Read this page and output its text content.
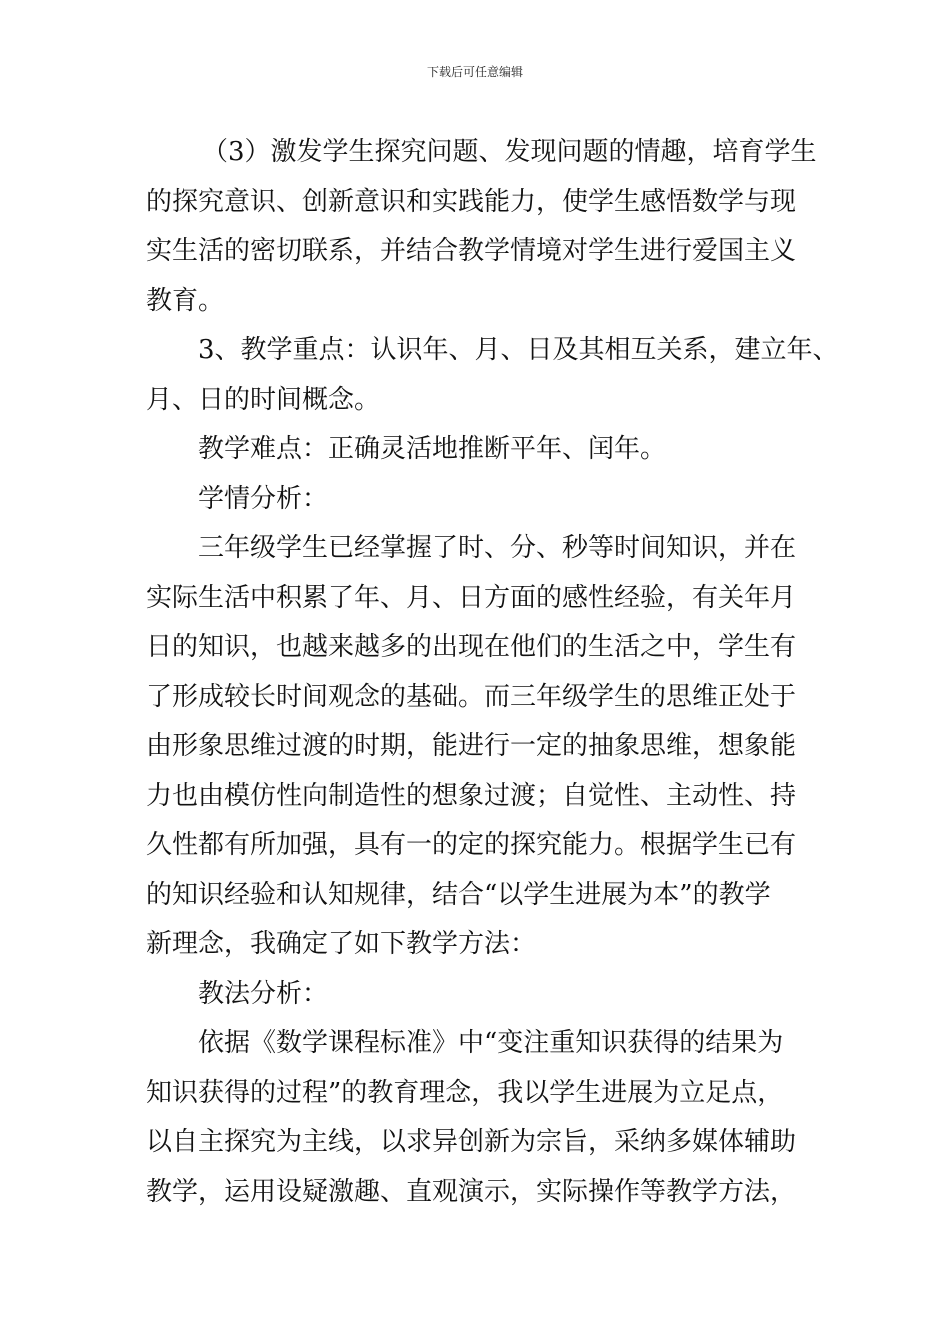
下载后可任意编辑

（3）激发学生探究问题、发现问题的情趣，培育学生
的探究意识、创新意识和实践能力，使学生感悟数学与现
实生活的密切联系，并结合教学情境对学生进行爱国主义
教育。

3、教学重点：认识年、月、日及其相互关系，建立年、
月、日的时间概念。

教学难点：正确灵活地推断平年、闰年。

学情分析：

三年级学生已经掌握了时、分、秒等时间知识，并在
实际生活中积累了年、月、日方面的感性经验，有关年月
日的知识，也越来越多的出现在他们的生活之中，学生有
了形成较长时间观念的基础。而三年级学生的思维正处于
由形象思维过渡的时期，能进行一定的抽象思维，想象能
力也由模仿性向制造性的想象过渡；自觉性、主动性、持
久性都有所加强，具有一的定的探究能力。根据学生已有
的知识经验和认知规律，结合“以学生进展为本”的教学
新理念，我确定了如下教学方法：

教法分析：

依据《数学课程标准》中“变注重知识获得的结果为
知识获得的过程”的教育理念，我以学生进展为立足点，
以自主探究为主线，以求异创新为宗旨，采纳多媒体辅助
教学，运用设疑激趣、直观演示，实际操作等教学方法，
